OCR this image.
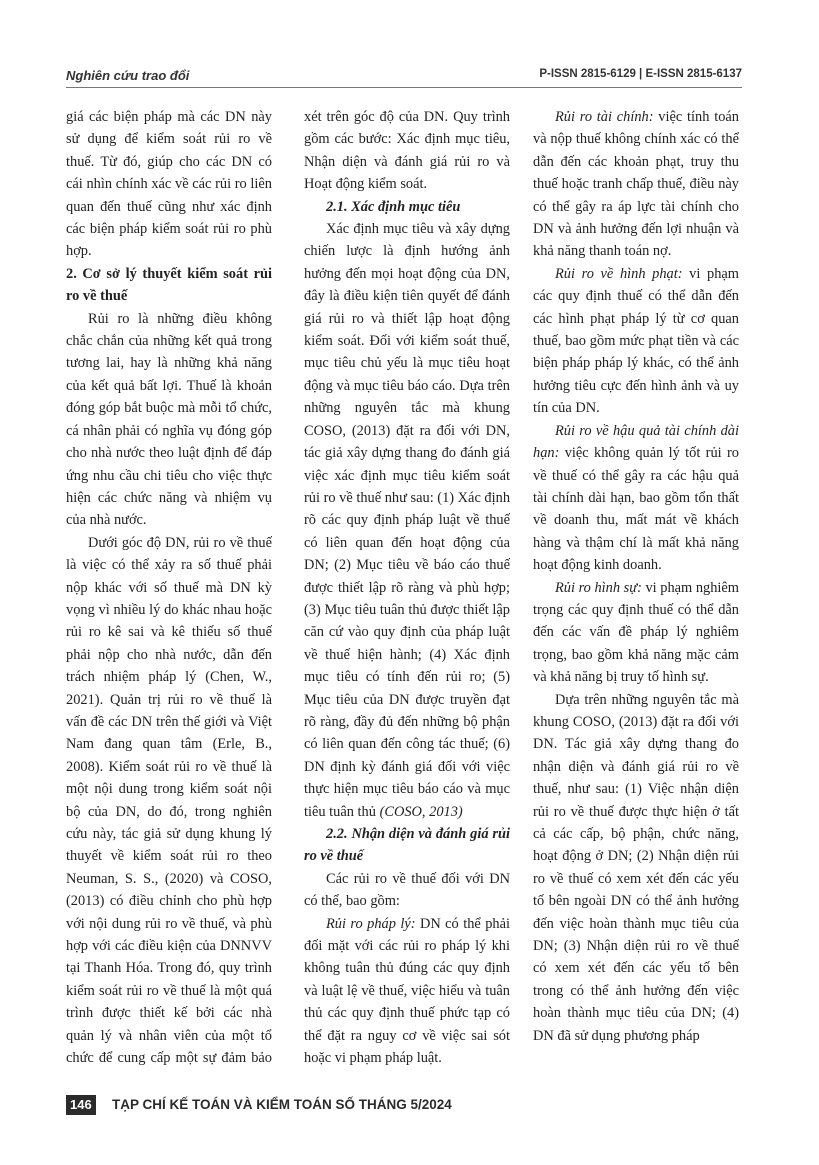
Nghiên cứu trao đổi	P-ISSN 2815-6129 | E-ISSN 2815-6137

giá các biện pháp mà các DN này sử dụng để kiểm soát rủi ro về thuế. Từ đó, giúp cho các DN có cái nhìn chính xác về các rủi ro liên quan đến thuế cũng như xác định các biện pháp kiểm soát rủi ro phù hợp.

2. Cơ sở lý thuyết kiểm soát rủi ro về thuế

Rủi ro là những điều không chắc chắn của những kết quả trong tương lai, hay là những khả năng của kết quả bất lợi. Thuế là khoản đóng góp bắt buộc mà mỗi tổ chức, cá nhân phải có nghĩa vụ đóng góp cho nhà nước theo luật định để đáp ứng nhu cầu chi tiêu cho việc thực hiện các chức năng và nhiệm vụ của nhà nước.

Dưới góc độ DN, rủi ro về thuế là việc có thể xảy ra số thuế phải nộp khác với số thuế mà DN kỳ vọng vì nhiều lý do khác nhau hoặc rủi ro kê sai và kê thiếu số thuế phải nộp cho nhà nước, dẫn đến trách nhiệm pháp lý (Chen, W., 2021). Quản trị rủi ro về thuế là vấn đề các DN trên thế giới và Việt Nam đang quan tâm (Erle, B., 2008). Kiểm soát rủi ro về thuế là một nội dung trong kiểm soát nội bộ của DN, do đó, trong nghiên cứu này, tác giả sử dụng khung lý thuyết về kiểm soát rủi ro theo Neuman, S. S., (2020) và COSO, (2013) có điều chỉnh cho phù hợp với nội dung rủi ro về thuế, và phù hợp với các điều kiện của DNNVV tại Thanh Hóa. Trong đó, quy trình kiểm soát rủi ro về thuế là một quá trình được thiết kế bởi các nhà quản lý và nhân viên của một tổ chức để cung cấp một sự đảm bảo

xét trên góc độ của DN. Quy trình gồm các bước: Xác định mục tiêu, Nhận diện và đánh giá rủi ro và Hoạt động kiểm soát.

2.1. Xác định mục tiêu

Xác định mục tiêu và xây dựng chiến lược là định hướng ảnh hưởng đến mọi hoạt động của DN, đây là điều kiện tiên quyết để đánh giá rủi ro và thiết lập hoạt động kiểm soát. Đối với kiểm soát thuế, mục tiêu chủ yếu là mục tiêu hoạt động và mục tiêu báo cáo. Dựa trên những nguyên tắc mà khung COSO, (2013) đặt ra đối với DN, tác giả xây dựng thang đo đánh giá việc xác định mục tiêu kiểm soát rủi ro về thuế như sau: (1) Xác định rõ các quy định pháp luật về thuế có liên quan đến hoạt động của DN; (2) Mục tiêu về báo cáo thuế được thiết lập rõ ràng và phù hợp; (3) Mục tiêu tuân thủ được thiết lập căn cứ vào quy định của pháp luật về thuế hiện hành; (4) Xác định mục tiêu có tính đến rủi ro; (5) Mục tiêu của DN được truyền đạt rõ ràng, đầy đủ đến những bộ phận có liên quan đến công tác thuế; (6) DN định kỳ đánh giá đối với việc thực hiện mục tiêu báo cáo và mục tiêu tuân thủ (COSO, 2013)

2.2. Nhận diện và đánh giá rủi ro về thuế

Các rủi ro về thuế đối với DN có thể, bao gồm:

Rủi ro pháp lý: DN có thể phải đối mặt với các rủi ro pháp lý khi không tuân thủ đúng các quy định và luật lệ về thuế, việc hiểu và tuân thủ các quy định thuế phức tạp có thể đặt ra nguy cơ về việc sai sót hoặc vi phạm pháp luật.

Rủi ro tài chính: việc tính toán và nộp thuế không chính xác có thể dẫn đến các khoản phạt, truy thu thuế hoặc tranh chấp thuế, điều này có thể gây ra áp lực tài chính cho DN và ảnh hưởng đến lợi nhuận và khả năng thanh toán nợ.

Rủi ro về hình phạt: vi phạm các quy định thuế có thể dẫn đến các hình phạt pháp lý từ cơ quan thuế, bao gồm mức phạt tiền và các biện pháp pháp lý khác, có thể ảnh hưởng tiêu cực đến hình ảnh và uy tín của DN.

Rủi ro về hậu quả tài chính dài hạn: việc không quản lý tốt rủi ro về thuế có thể gây ra các hậu quả tài chính dài hạn, bao gồm tổn thất về doanh thu, mất mát về khách hàng và thậm chí là mất khả năng hoạt động kinh doanh.

Rủi ro hình sự: vi phạm nghiêm trọng các quy định thuế có thể dẫn đến các vấn đề pháp lý nghiêm trọng, bao gồm khả năng mặc cảm và khả năng bị truy tố hình sự.

Dựa trên những nguyên tắc mà khung COSO, (2013) đặt ra đối với DN. Tác giả xây dựng thang đo nhận diện và đánh giá rủi ro về thuế, như sau: (1) Việc nhận diện rủi ro về thuế được thực hiện ở tất cả các cấp, bộ phận, chức năng, hoạt động ở DN; (2) Nhận diện rủi ro về thuế có xem xét đến các yếu tố bên ngoài DN có thể ảnh hưởng đến việc hoàn thành mục tiêu của DN; (3) Nhận diện rủi ro về thuế có xem xét đến các yếu tố bên trong có thể ảnh hưởng đến việc hoàn thành mục tiêu của DN; (4) DN đã sử dụng phương pháp

146 TẠP CHÍ KẾ TOÁN VÀ KIỂM TOÁN SỐ THÁNG 5/2024
